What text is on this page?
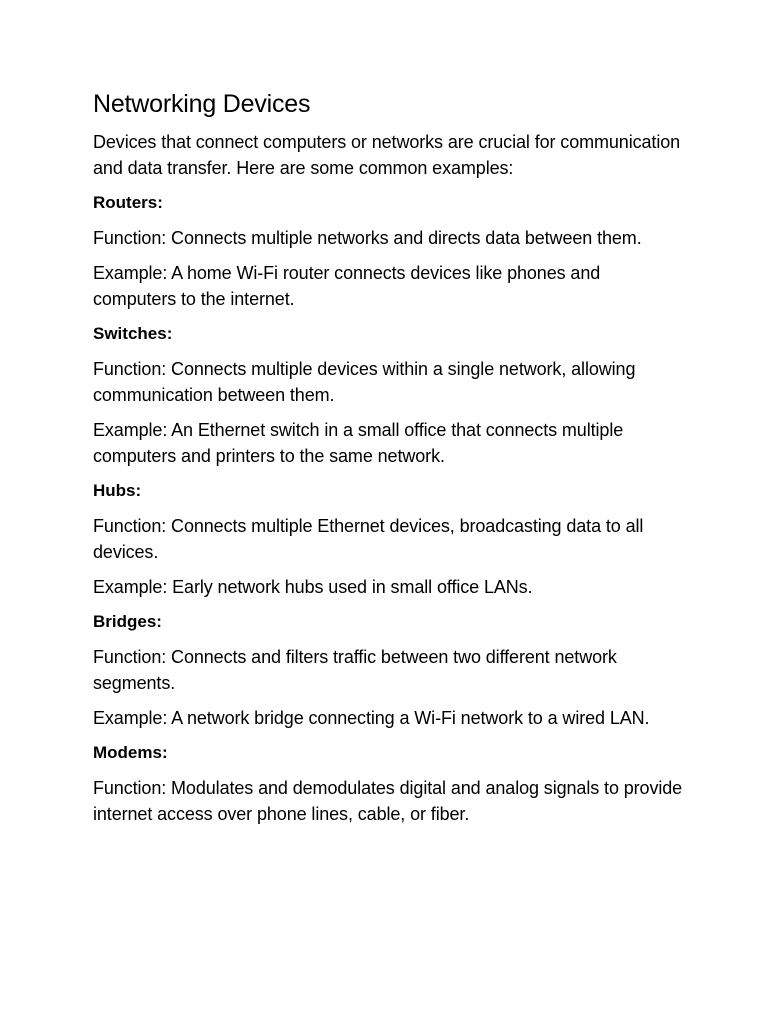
Networking Devices

Devices that connect computers or networks are crucial for communication and data transfer. Here are some common examples:

Routers:

Function: Connects multiple networks and directs data between them.

Example: A home Wi-Fi router connects devices like phones and computers to the internet.

Switches:

Function: Connects multiple devices within a single network, allowing communication between them.

Example: An Ethernet switch in a small office that connects multiple computers and printers to the same network.

Hubs:

Function: Connects multiple Ethernet devices, broadcasting data to all devices.

Example: Early network hubs used in small office LANs.

Bridges:

Function: Connects and filters traffic between two different network segments.

Example: A network bridge connecting a Wi-Fi network to a wired LAN.

Modems:

Function: Modulates and demodulates digital and analog signals to provide internet access over phone lines, cable, or fiber.
